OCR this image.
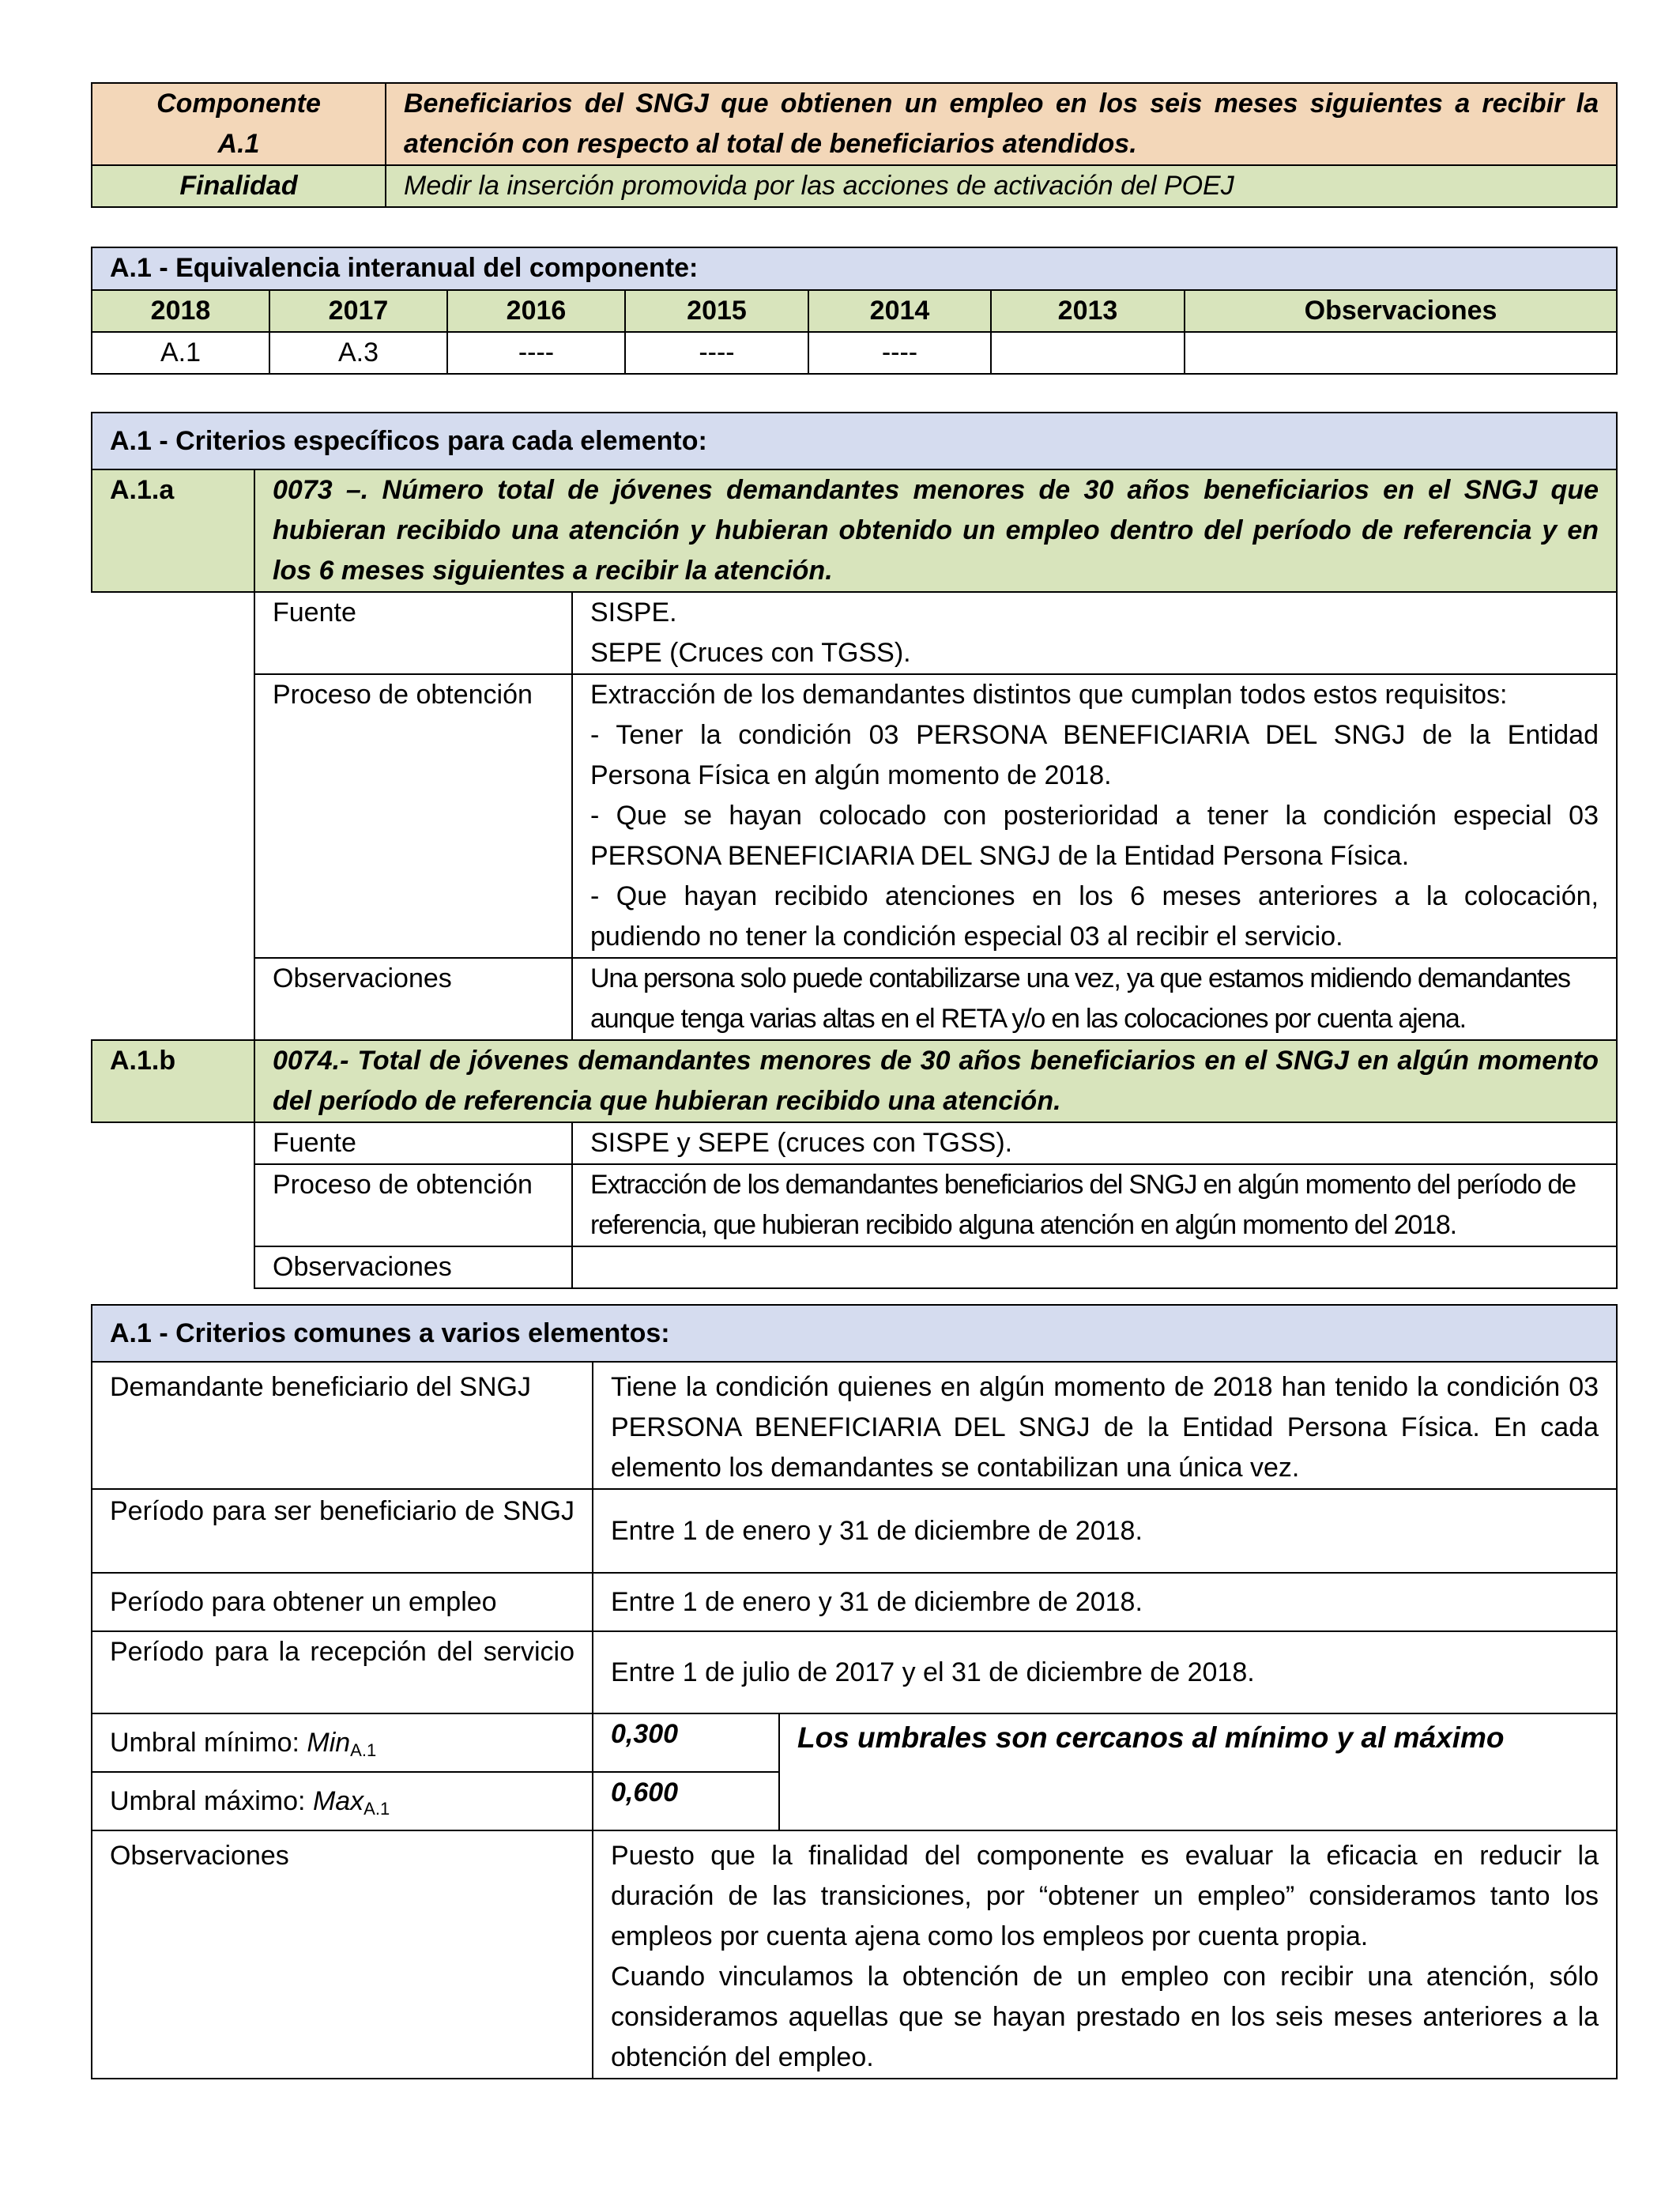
Componente
A.1	Beneficiarios del SNGJ que obtienen un empleo en los seis meses siguientes a recibir la atención con respecto al total de beneficiarios atendidos.
Finalidad	Medir la inserción promovida por las acciones de activación del POEJ
A.1 - Equivalencia interanual del componente:						
2018	2017	2016	2015	2014	2013	Observaciones
A.1	A.3	----	----	----		
A.1 - Criterios específicos para cada elemento:		
A.1.a	0073 –. Número total de jóvenes demandantes menores de 30 años beneficiarios en el SNGJ que hubieran recibido una atención y hubieran obtenido un empleo dentro del período de referencia y en los 6 meses siguientes a recibir la atención.	
	Fuente	SISPE.
SEPE (Cruces con TGSS).
	Proceso de obtención	Extracción de los demandantes distintos que cumplan todos estos requisitos:
- Tener la condición 03 PERSONA BENEFICIARIA DEL SNGJ de la Entidad Persona Física en algún momento de 2018.
- Que se hayan colocado con posterioridad a tener la condición especial 03 PERSONA BENEFICIARIA DEL SNGJ de la Entidad Persona Física.
- Que hayan recibido atenciones en los 6 meses anteriores a la colocación, pudiendo no tener la condición especial 03 al recibir el servicio.
	Observaciones	Una persona solo puede contabilizarse una vez, ya que estamos midiendo demandantes aunque tenga varias altas en el RETA y/o en las colocaciones por cuenta ajena.
A.1.b	0074.- Total de jóvenes demandantes menores de 30 años beneficiarios en el SNGJ en algún momento del período de referencia que hubieran recibido una atención.	
	Fuente	SISPE y SEPE (cruces con TGSS).
	Proceso de obtención	Extracción de los demandantes beneficiarios del SNGJ en algún momento del período de referencia, que hubieran recibido alguna atención en algún momento del 2018.
	Observaciones	
A.1 - Criterios comunes a varios elementos:		
Demandante beneficiario del SNGJ	Tiene la condición quienes en algún momento de 2018 han tenido la condición 03 PERSONA BENEFICIARIA DEL SNGJ de la Entidad Persona Física. En cada elemento los demandantes se contabilizan una única vez.	
Período para ser beneficiario de SNGJ	Entre 1 de enero y 31 de diciembre de 2018.	
Período para obtener un empleo	Entre 1 de enero y 31 de diciembre de 2018.	
Período para la recepción del servicio	Entre 1 de julio de 2017 y el 31 de diciembre de 2018.	
Umbral mínimo: Min$_{A.1}$	0,300	Los umbrales son cercanos al mínimo y al máximo
Umbral máximo: Max$_{A.1}$	0,600	
Observaciones	Puesto que la finalidad del componente es evaluar la eficacia en reducir la duración de las transiciones, por “obtener un empleo” consideramos tanto los empleos por cuenta ajena como los empleos por cuenta propia.
Cuando vinculamos la obtención de un empleo con recibir una atención, sólo consideramos aquellas que se hayan prestado en los seis meses anteriores a la obtención del empleo.	
